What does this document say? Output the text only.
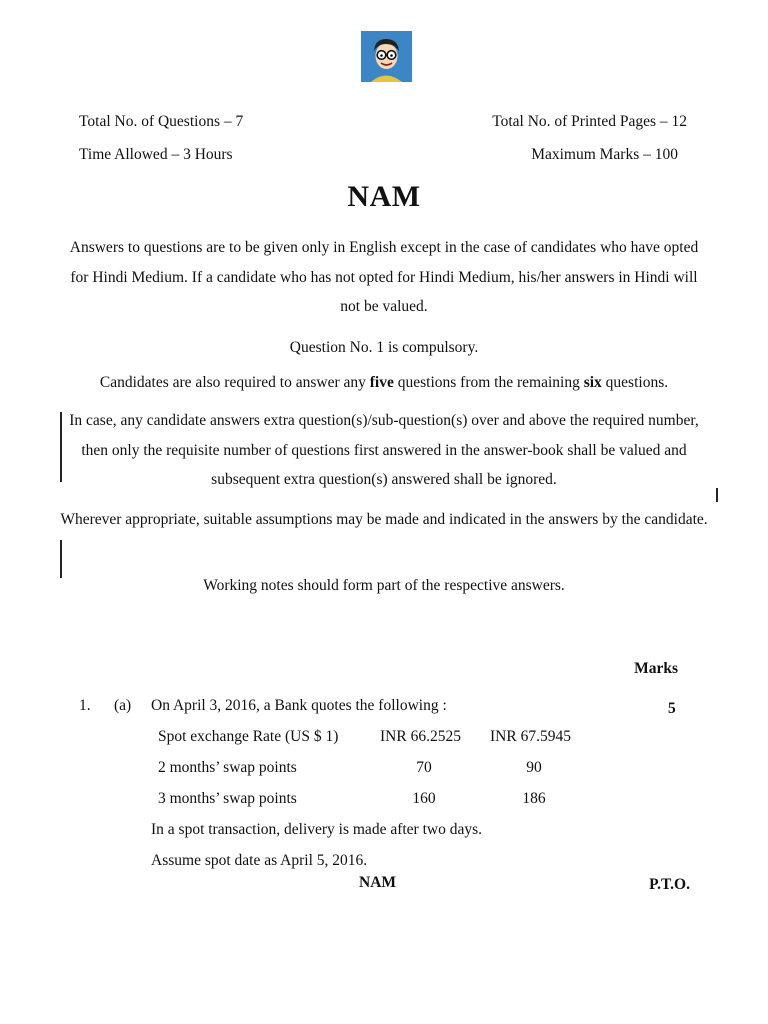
Total No. of Questions – 7	Total No. of Printed Pages – 12
Time Allowed – 3 Hours	Maximum Marks – 100
NAM
Answers to questions are to be given only in English except in the case of candidates who have opted for Hindi Medium. If a candidate who has not opted for Hindi Medium, his/her answers in Hindi will not be valued.
Question No. 1 is compulsory.
Candidates are also required to answer any five questions from the remaining six questions.
In case, any candidate answers extra question(s)/sub-question(s) over and above the required number, then only the requisite number of questions first answered in the answer-book shall be valued and subsequent extra question(s) answered shall be ignored.
Wherever appropriate, suitable assumptions may be made and indicated in the answers by the candidate.
Working notes should form part of the respective answers.
Marks
1. (a) On April 3, 2016, a Bank quotes the following :	5
Spot exchange Rate (US $ 1)	INR 66.2525 INR 67.5945
2 months’ swap points	70	90
3 months’ swap points	160	186
In a spot transaction, delivery is made after two days.
Assume spot date as April 5, 2016.
NAM	P.T.O.
